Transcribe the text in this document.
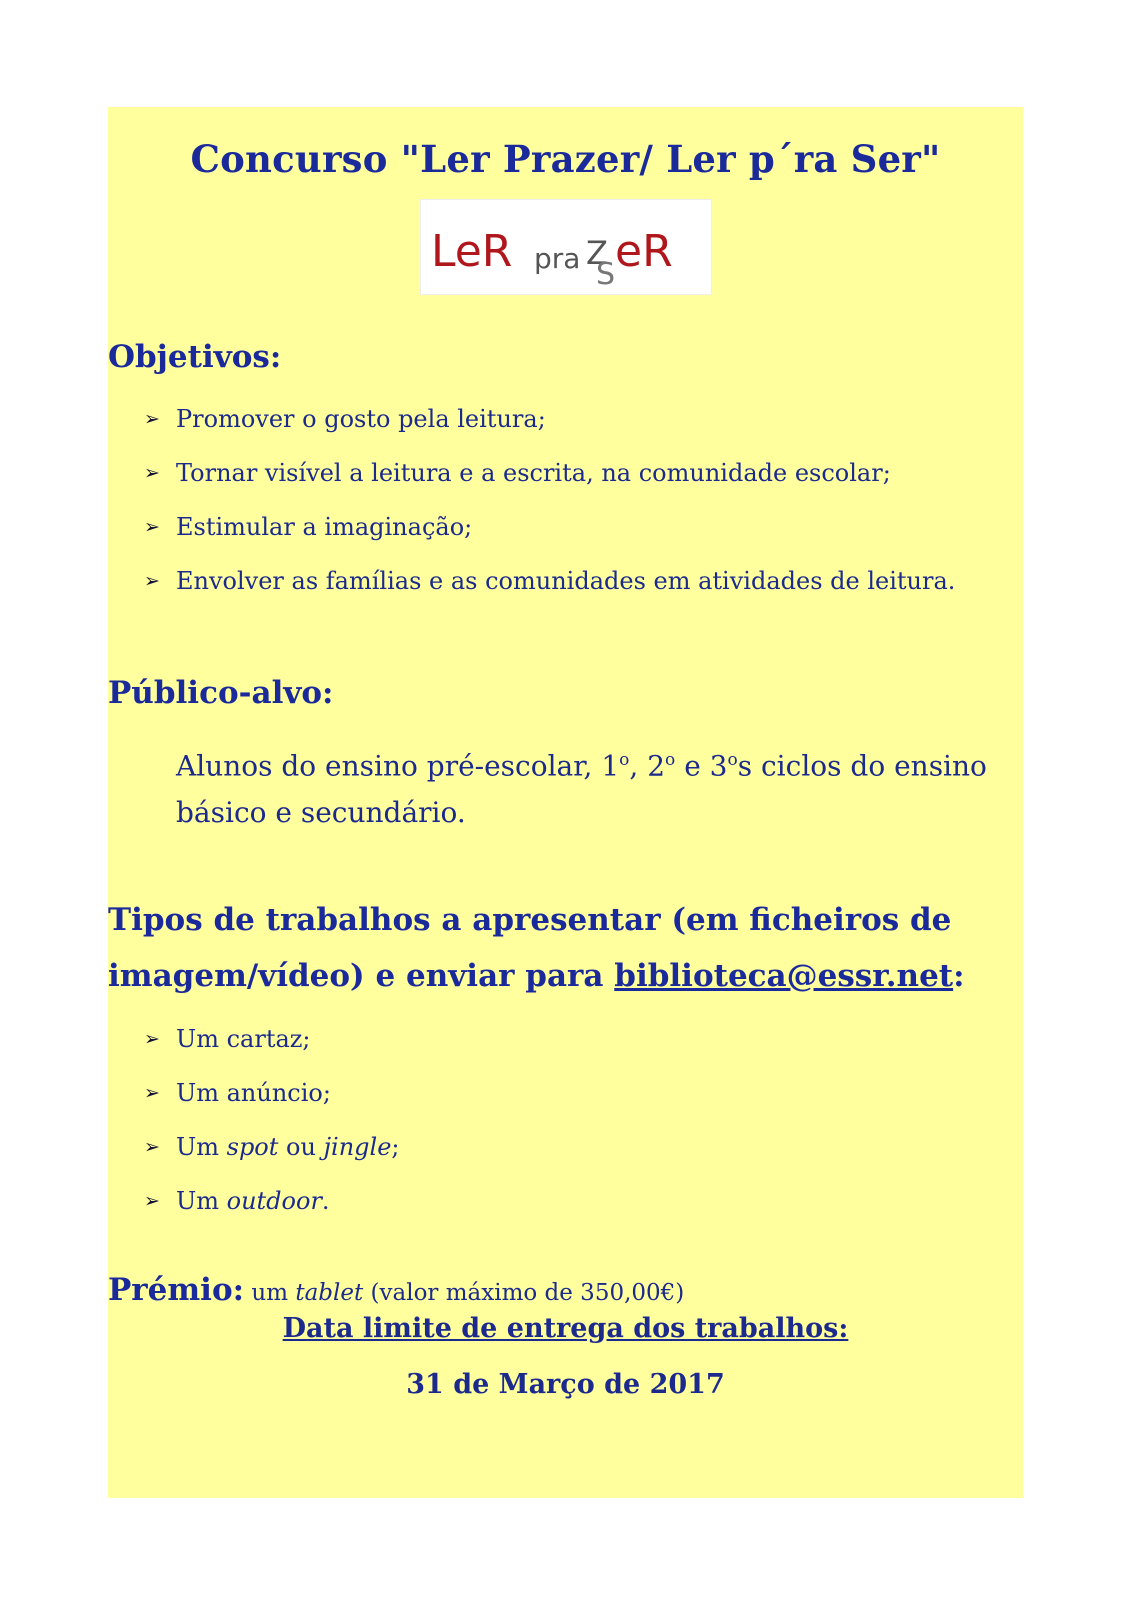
Concurso "Ler Prazer/ Ler p´ra Ser"
LeR pra Z
S eR
Objetivos:
➢ Promover o gosto pela leitura;
➢ Tornar visível a leitura e a escrita, na comunidade escolar;
➢ Estimular a imaginação;
➢ Envolver as famílias e as comunidades em atividades de leitura.
Público-alvo:
Alunos do ensino pré-escolar, 1$^o$, 2$^o$ e 3$^o$s ciclos do ensino básico e secundário.
Tipos de trabalhos a apresentar (em ficheiros de
imagem/vídeo) e enviar para biblioteca@essr.net:
➢ Um cartaz;
➢ Um anúncio;
➢ Um spot ou jingle;
➢ Um outdoor.
Prémio: um tablet (valor máximo de 350,00€)
Data limite de entrega dos trabalhos:
31 de Março de 2017
